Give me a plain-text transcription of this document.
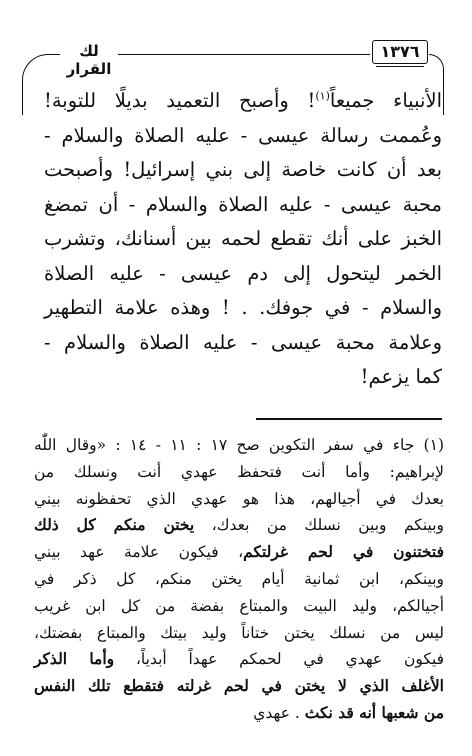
لك القرار
١٣٧٦
الأنبياء جميعاً$^{(١)}$! وأصبح التعميد بديلًا للتوبة!
وعُممت رسالة عيسى - عليه الصلاة والسلام -
بعد أن كانت خاصة إلى بني إسرائيل! وأصبحت
محبة عيسى - عليه الصلاة والسلام - أن تمضغ
الخبز على أنك تقطع لحمه بين أسنانك، وتشرب
الخمر ليتحول إلى دم عيسى - عليه الصلاة
والسلام - في جوفك. . ! وهذه علامة التطهير
وعلامة محبة عيسى - عليه الصلاة والسلام -
كما يزعم!
(١) جاء في سفر التكوين صح ١٧ : ١١ - ١٤ : «وقال اللّٰه
لإبراهيم: وأما أنت فتحفظ عهدي أنت ونسلك من
بعدك في أجيالهم، هذا هو عهدي الذي تحفظونه بيني
وبينكم وبين نسلك من بعدك، يختن منكم كل ذلك
فتختنون في لحم غرلتكم، فيكون علامة عهد بيني
وبينكم، ابن ثمانية أيام يختن منكم، كل ذكر في
أجيالكم، وليد البيت والمبتاع بفضة من كل ابن غريب
ليس من نسلك يختن ختاناً وليد بيتك والمبتاع بفضتك،
فيكون عهدي في لحمكم عهداً أبدياً، وأما الذكر
الأغلف الذي لا يختن في لحم غرلته فتقطع تلك النفس
من شعبها أنه قد نكث . عهدي
